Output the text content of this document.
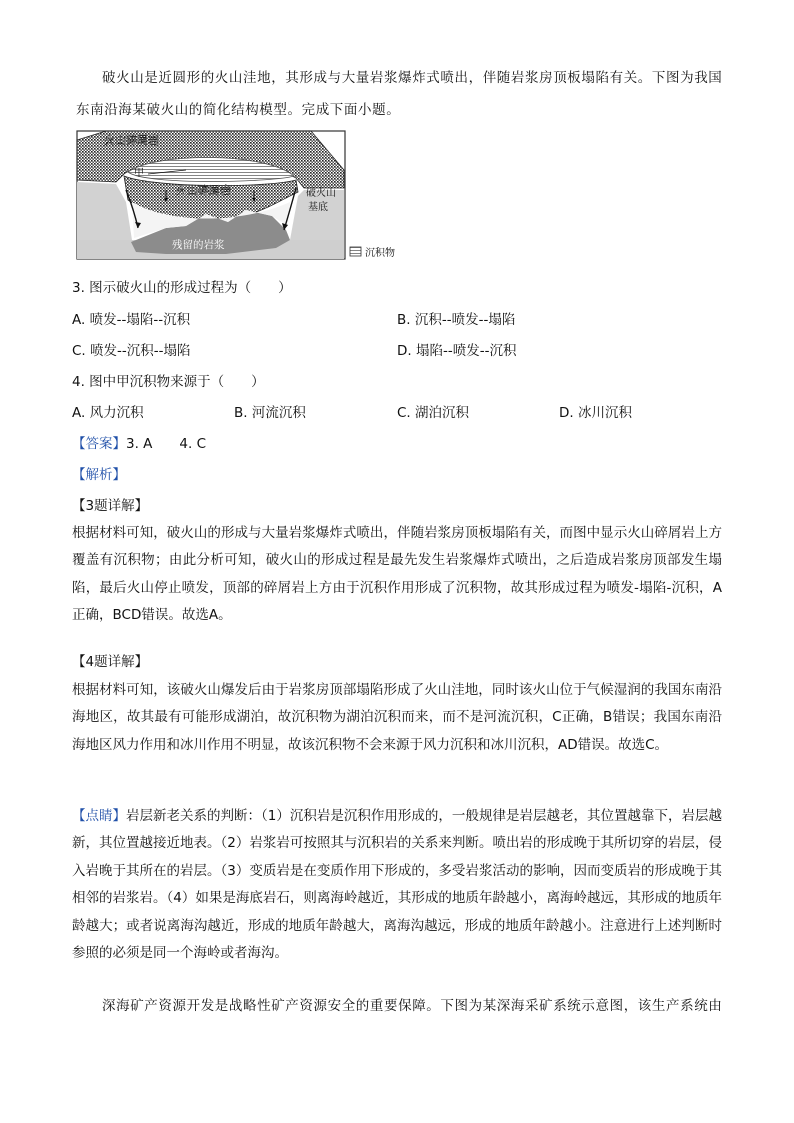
破火山是近圆形的火山洼地，其形成与大量岩浆爆炸式喷出，伴随岩浆房顶板塌陷有关。下图为我国
东南沿海某破火山的简化结构模型。完成下面小题。
火山碎屑岩
甲
火山碎屑岩	破火山
基底
残留的岩浆
沉积物
3. 图示破火山的形成过程为（　　）
A. 喷发--塌陷--沉积	B. 沉积--喷发--塌陷
C. 喷发--沉积--塌陷	D. 塌陷--喷发--沉积
4. 图中甲沉积物来源于（　　）
A. 风力沉积	B. 河流沉积	C. 湖泊沉积	D. 冰川沉积
【答案】3. A　　4. C
【解析】
【3题详解】

根据材料可知，破火山的形成与大量岩浆爆炸式喷出，伴随岩浆房顶板塌陷有关，而图中显示火山碎屑岩上方覆盖有沉积物；由此分析可知，破火山的形成过程是最先发生岩浆爆炸式喷出，之后造成岩浆房顶部发生塌陷，最后火山停止喷发，顶部的碎屑岩上方由于沉积作用形成了沉积物，故其形成过程为喷发-塌陷-沉积，A正确，BCD错误。故选A。

【4题详解】

根据材料可知，该破火山爆发后由于岩浆房顶部塌陷形成了火山洼地，同时该火山位于气候湿润的我国东南沿海地区，故其最有可能形成湖泊，故沉积物为湖泊沉积而来，而不是河流沉积，C正确，B错误；我国东南沿海地区风力作用和冰川作用不明显，故该沉积物不会来源于风力沉积和冰川沉积，AD错误。故选C。

【点睛】岩层新老关系的判断：（1）沉积岩是沉积作用形成的，一般规律是岩层越老，其位置越靠下，岩层越新，其位置越接近地表。（2）岩浆岩可按照其与沉积岩的关系来判断。喷出岩的形成晚于其所切穿的岩层，侵入岩晚于其所在的岩层。（3）变质岩是在变质作用下形成的，多受岩浆活动的影响，因而变质岩的形成晚于其相邻的岩浆岩。（4）如果是海底岩石，则离海岭越近，其形成的地质年龄越小，离海岭越远，其形成的地质年龄越大；或者说离海沟越近，形成的地质年龄越大，离海沟越远，形成的地质年龄越小。注意进行上述判断时参照的必须是同一个海岭或者海沟。

深海矿产资源开发是战略性矿产资源安全的重要保障。下图为某深海采矿系统示意图，该生产系统由
